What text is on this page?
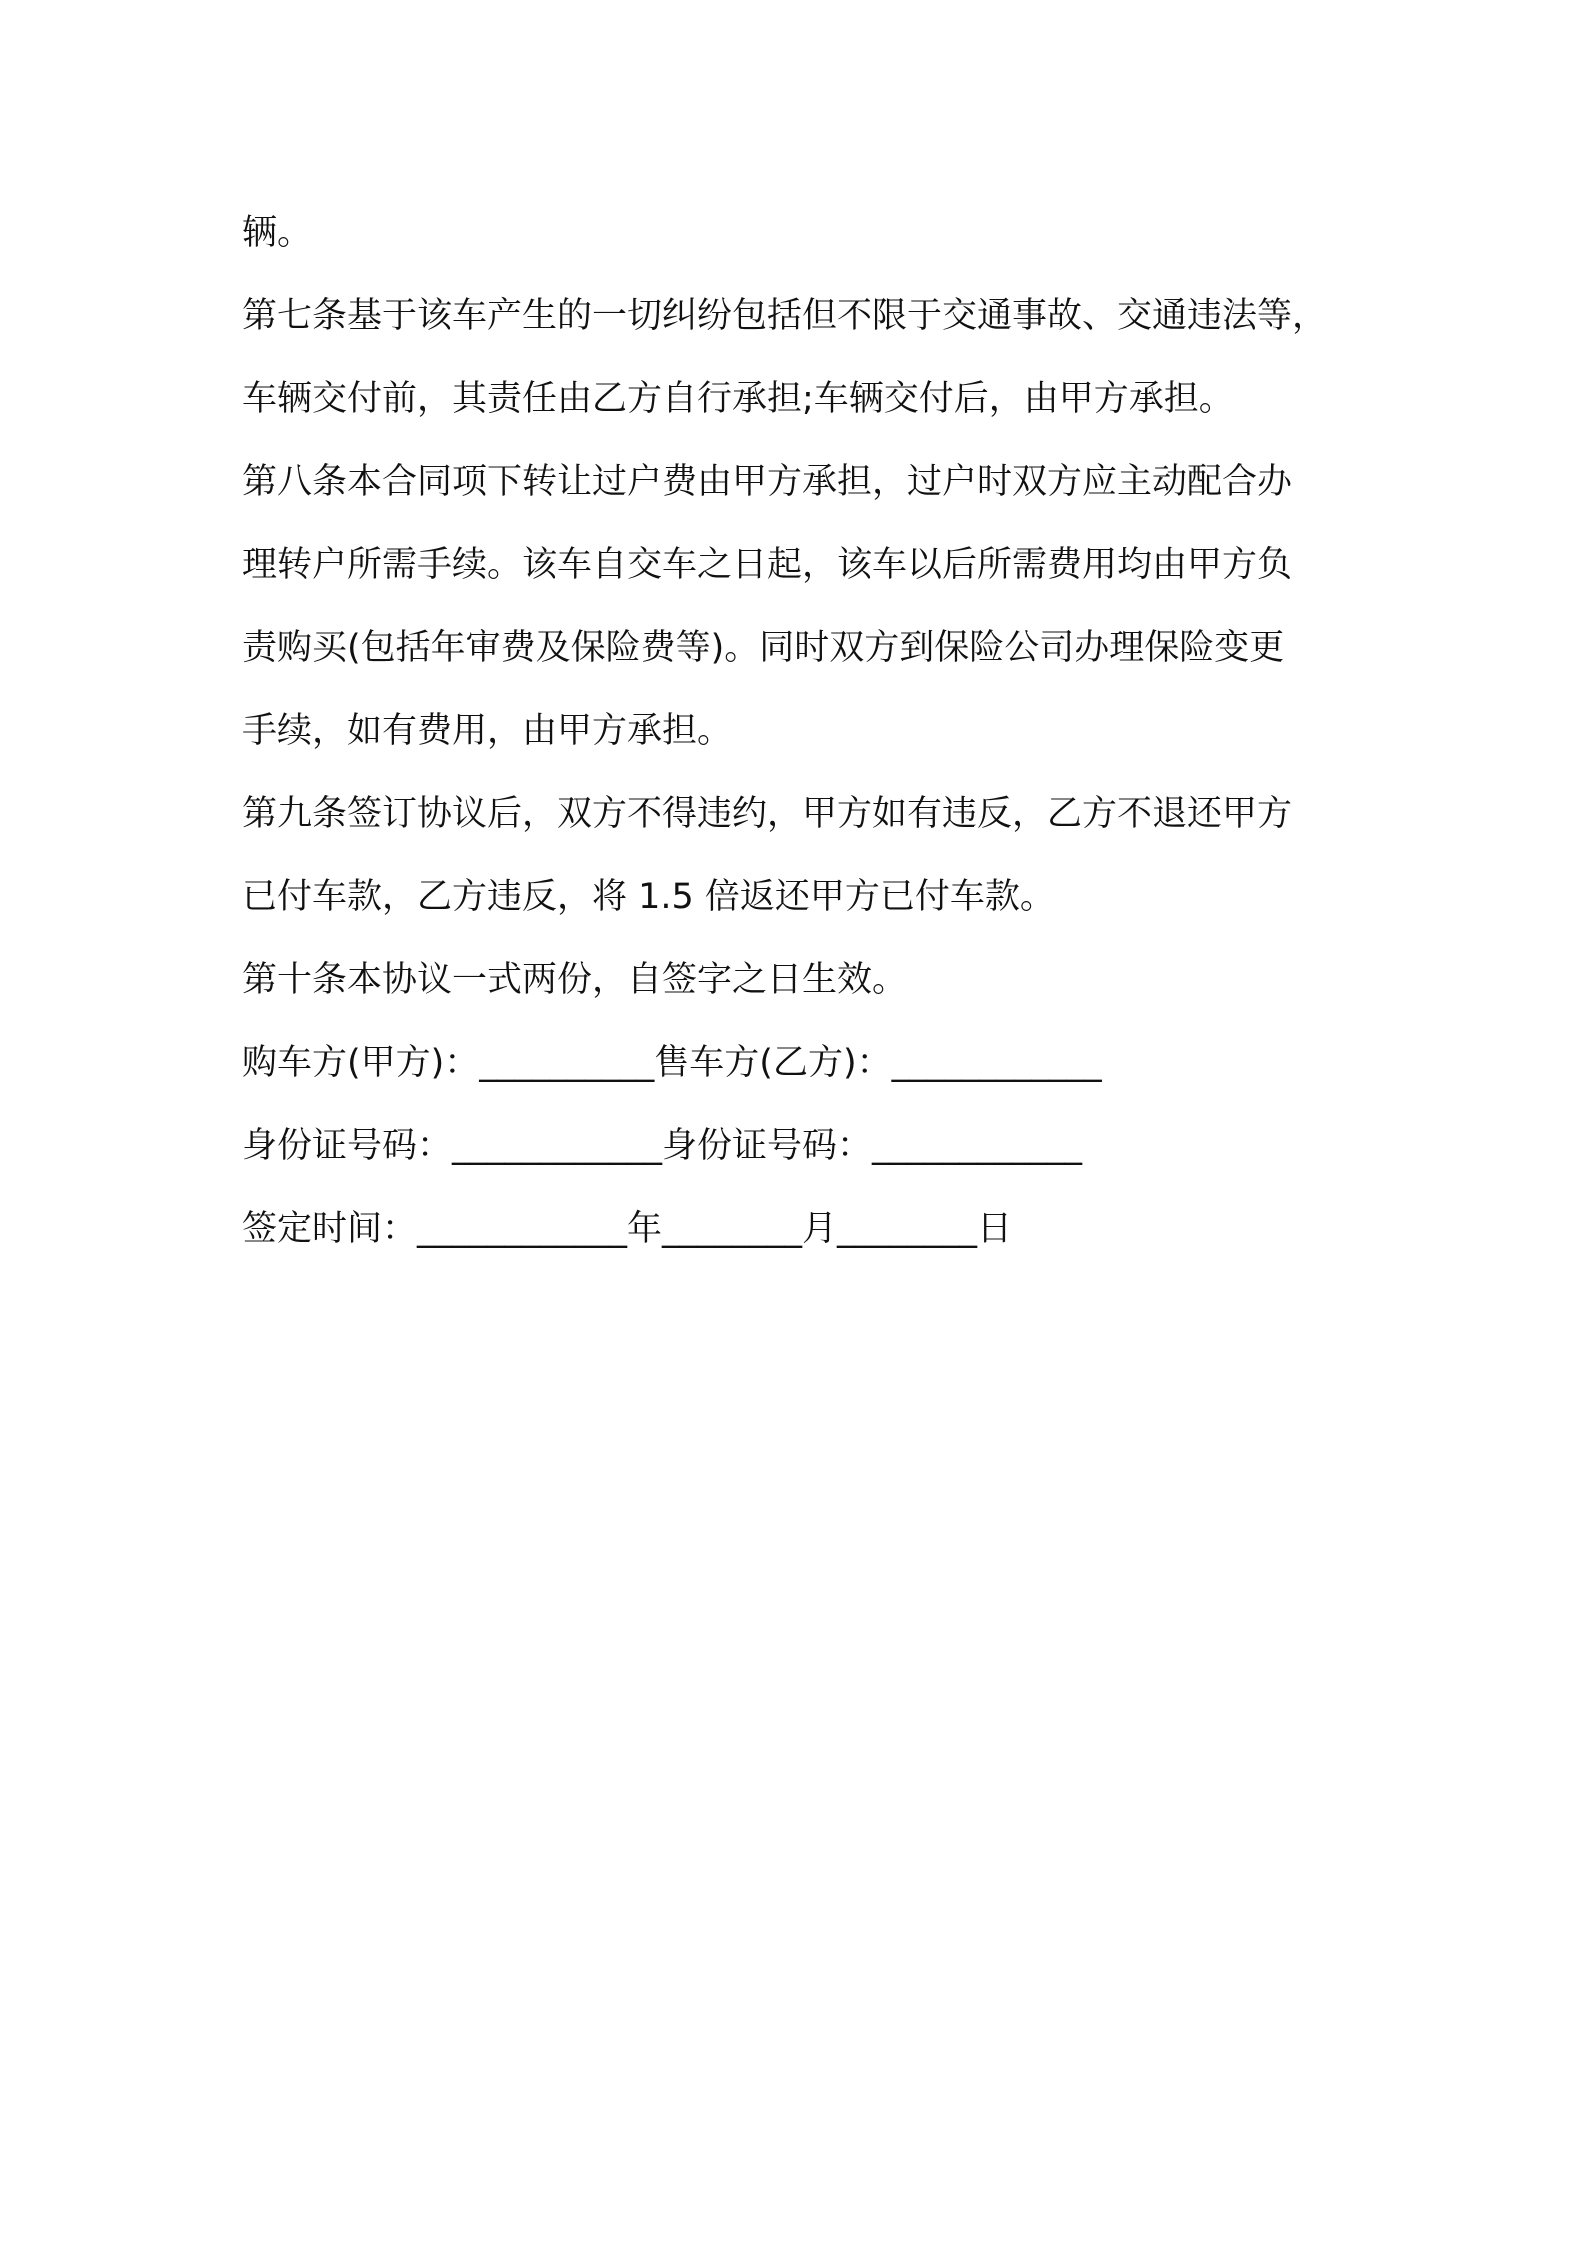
辆。
第七条基于该车产生的一切纠纷包括但不限于交通事故、交通违法等，
车辆交付前，其责任由乙方自行承担;车辆交付后，由甲方承担。
第八条本合同项下转让过户费由甲方承担，过户时双方应主动配合办
理转户所需手续。该车自交车之日起，该车以后所需费用均由甲方负
责购买(包括年审费及保险费等)。同时双方到保险公司办理保险变更
手续，如有费用，由甲方承担。
第九条签订协议后，双方不得违约，甲方如有违反，乙方不退还甲方
已付车款，乙方违反，将 1.5 倍返还甲方已付车款。
第十条本协议一式两份，自签字之日生效。
购车方(甲方)：__________售车方(乙方)：____________
身份证号码：____________身份证号码：____________
签定时间：____________年________月________日
